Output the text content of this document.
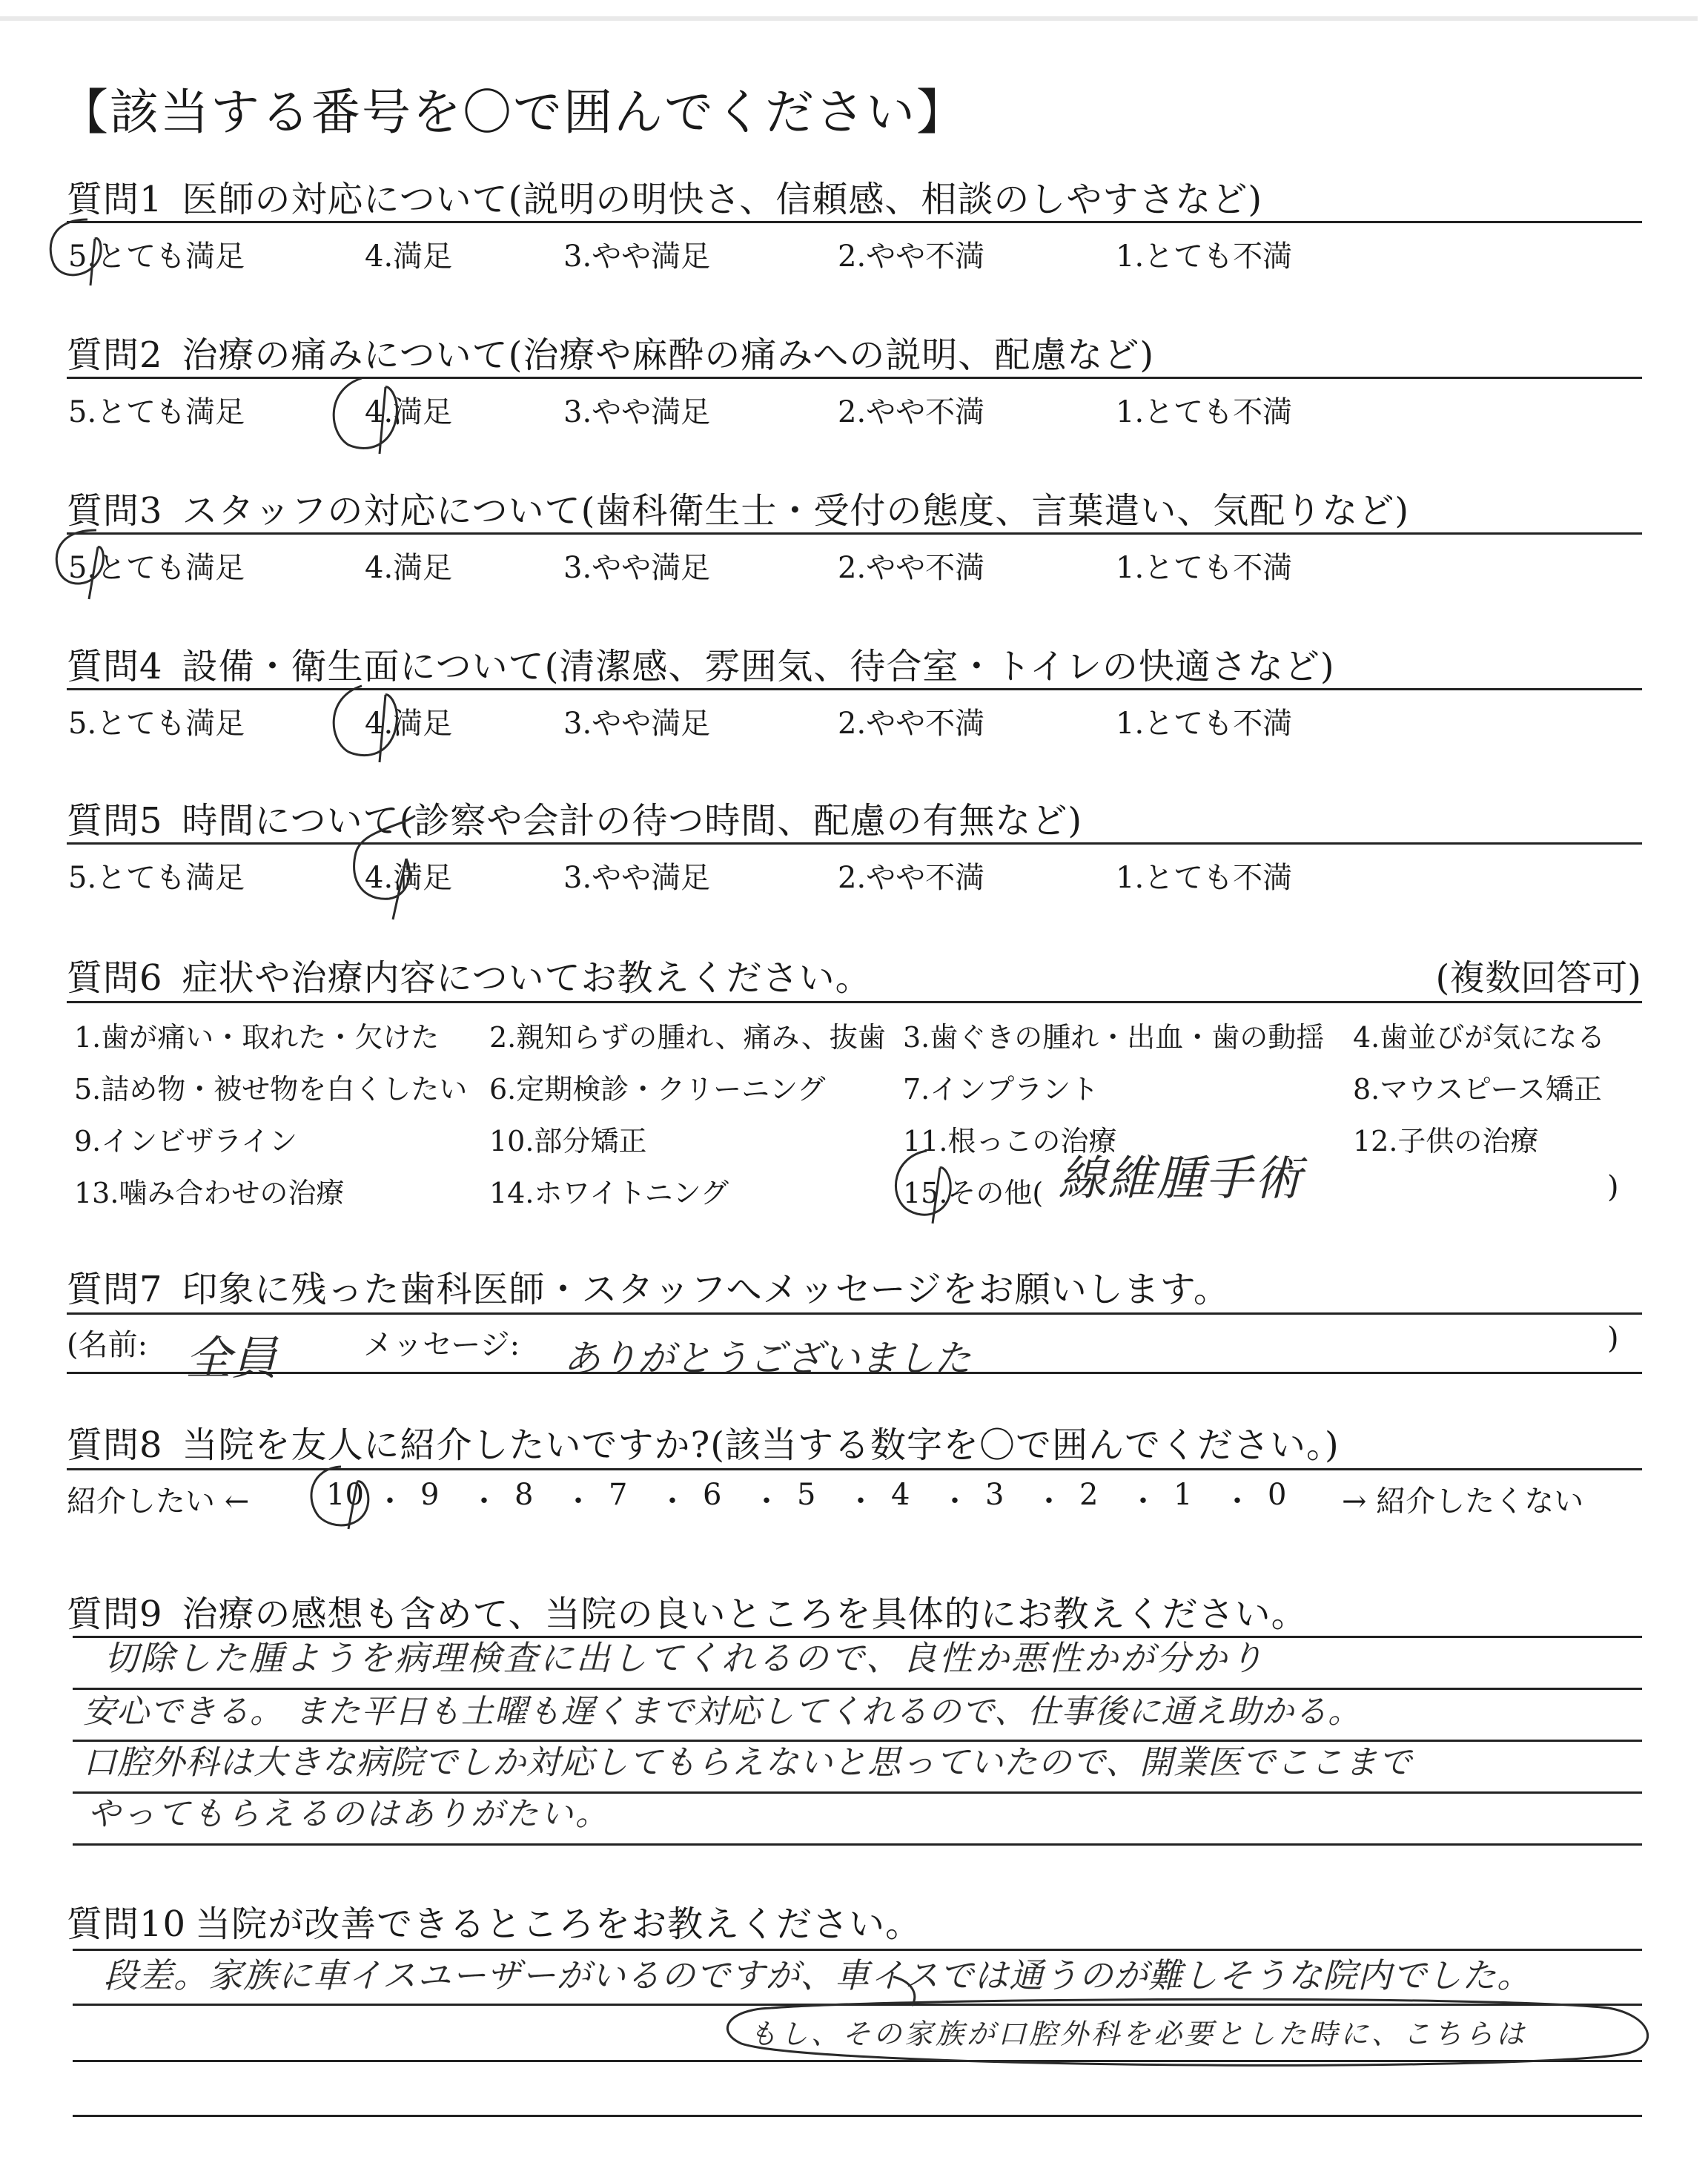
【該当する番号を〇で囲んでください】
質問1 医師の対応について(説明の明快さ、信頼感、相談のしやすさなど)
5.とても満足	4.満足	3.やや満足	2.やや不満	1.とても不満
質問2 治療の痛みについて(治療や麻酔の痛みへの説明、配慮など)
5.とても満足	4.満足	3.やや満足	2.やや不満	1.とても不満
質問3 スタッフの対応について(歯科衛生士・受付の態度、言葉遣い、気配りなど)
5.とても満足	4.満足	3.やや満足	2.やや不満	1.とても不満
質問4 設備・衛生面について(清潔感、雰囲気、待合室・トイレの快適さなど)
5.とても満足	4.満足	3.やや満足	2.やや不満	1.とても不満
質問5 時間について(診察や会計の待つ時間、配慮の有無など)
5.とても満足	4.満足	3.やや満足	2.やや不満	1.とても不満
質問6 症状や治療内容についてお教えください。	(複数回答可)
1.歯が痛い・取れた・欠けた 2.親知らずの腫れ、痛み、抜歯 3.歯ぐきの腫れ・出血・歯の動揺 4.歯並びが気になる
5.詰め物・被せ物を白くしたい 6.定期検診・クリーニング	7.インプラント	8.マウスピース矯正
9.インビザライン	10.部分矯正	11.根っこの治療	12.子供の治療
13.噛み合わせの治療	14.ホワイトニング	15.その他( 線維腫手術	)
質問7 印象に残った歯科医師・スタッフへメッセージをお願いします。
(名前: 全員	メッセージ: ありがとうございました	)
質問8 当院を友人に紹介したいですか?(該当する数字を〇で囲んでください。)
紹介したい ←	10 ・ 9 ・ 8 ・ 7 ・ 6 ・ 5 ・ 4 ・ 3 ・ 2 ・ 1 ・ 0 → 紹介したくない
質問9 治療の感想も含めて、当院の良いところを具体的にお教えください。
切除した腫ようを病理検査に出してくれるので、良性か悪性かが分かり
安心できる。 また平日も土曜も遅くまで対応してくれるので、仕事後に通え助かる。
口腔外科は大きな病院でしか対応してもらえないと思っていたので、開業医でここまで
やってもらえるのはありがたい。
質問10 当院が改善できるところをお教えください。
段差。家族に車イスユーザーがいるのですが、車イスでは通うのが難しそうな院内でした。
もし、その家族が口腔外科を必要とした時に、こちらは
